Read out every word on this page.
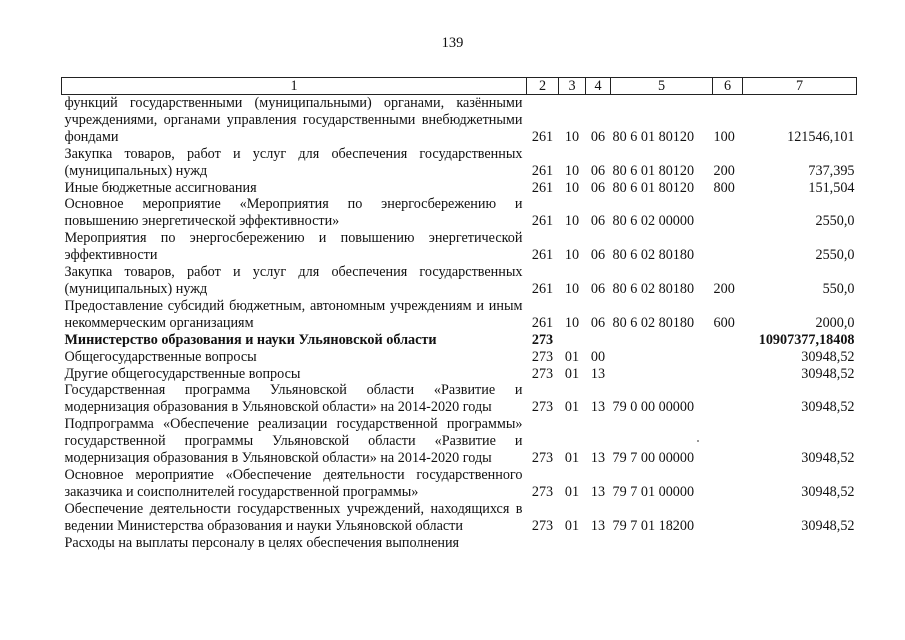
139
1	2	3	4	5	6	7
функций государственными (муниципальными) органами, казёнными учреждениями, органами управления государственными внебюджетными фондами	261	10	06	80 6 01 80120	100	121546,101
Закупка товаров, работ и услуг для обеспечения государственных (муниципальных) нужд	261	10	06	80 6 01 80120	200	737,395
Иные бюджетные ассигнования	261	10	06	80 6 01 80120	800	151,504
Основное мероприятие «Мероприятия по энергосбережению и повышению энергетической эффективности»	261	10	06	80 6 02 00000		2550,0
Мероприятия по энергосбережению и повышению энергетической эффективности	261	10	06	80 6 02 80180		2550,0
Закупка товаров, работ и услуг для обеспечения государственных (муниципальных) нужд	261	10	06	80 6 02 80180	200	550,0
Предоставление субсидий бюджетным, автономным учреждениям и иным некоммерческим организациям	261	10	06	80 6 02 80180	600	2000,0
Министерство образования и науки Ульяновской области	273					10907377,18408
Общегосударственные вопросы	273	01	00			30948,52
Другие общегосударственные вопросы	273	01	13			30948,52
Государственная программа Ульяновской области «Развитие и модернизация образования в Ульяновской области» на 2014-2020 годы	273	01	13	79 0 00 00000		30948,52
Подпрограмма «Обеспечение реализации государственной программы» государственной программы Ульяновской области «Развитие и модернизация образования в Ульяновской области» на 2014-2020 годы	273	01	13	79 7 00 00000		30948,52
Основное мероприятие «Обеспечение деятельности государственного заказчика и соисполнителей государственной программы»	273	01	13	79 7 01 00000		30948,52
Обеспечение деятельности государственных учреждений, находящихся в ведении Министерства образования и науки Ульяновской области	273	01	13	79 7 01 18200		30948,52
Расходы на выплаты персоналу в целях обеспечения выполнения						
